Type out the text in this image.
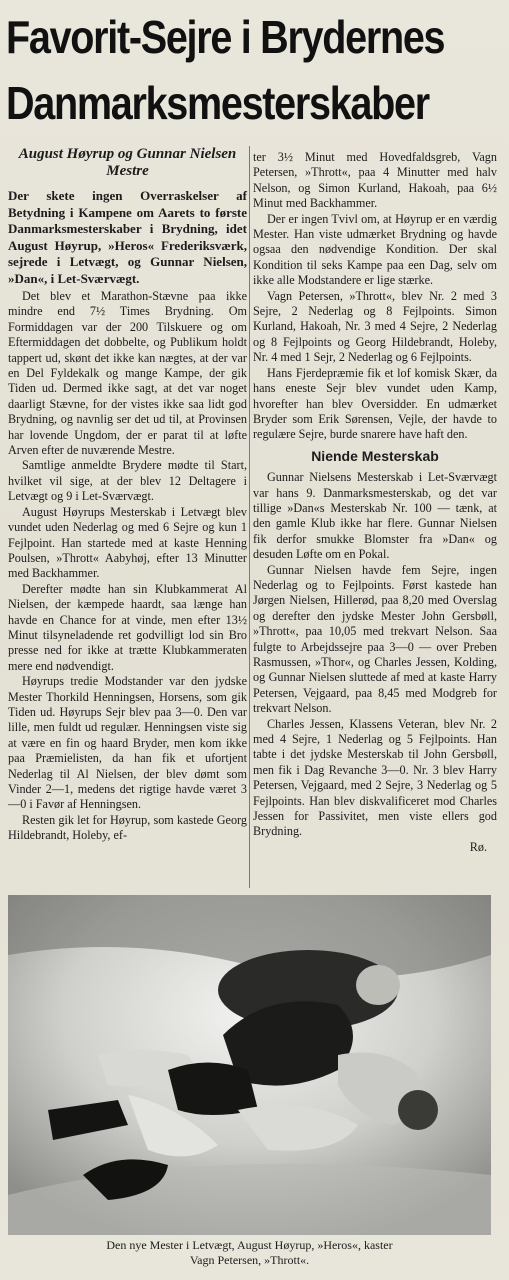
Favorit-Sejre i Brydernes
Danmarksmesterskaber
August Høyrup og Gunnar Nielsen Mestre
Der skete ingen Overraskelser af Betydning i Kampene om Aarets to første Danmarksmesterskaber i Brydning, idet August Høyrup, »Heros« Frederiksværk, sejrede i Letvægt, og Gunnar Nielsen, »Dan«, i Let-Sværvægt.

Det blev et Marathon-Stævne paa ikke mindre end 7½ Times Brydning. Om Formiddagen var der 200 Tilskuere og om Eftermiddagen det dobbelte, og Publikum holdt tappert ud, skønt det ikke kan nægtes, at der var en Del Fyldekalk og mange Kampe, der gik Tiden ud. Dermed ikke sagt, at det var noget daarligt Stævne, for der vistes ikke saa lidt god Brydning, og navnlig ser det ud til, at Provinsen har lovende Ungdom, der er parat til at løfte Arven efter de nuværende Mestre.

Samtlige anmeldte Brydere mødte til Start, hvilket vil sige, at der blev 12 Deltagere i Letvægt og 9 i Let-Sværvægt.

August Høyrups Mesterskab i Letvægt blev vundet uden Nederlag og med 6 Sejre og kun 1 Fejlpoint. Han startede med at kaste Henning Poulsen, »Thrott« Aabyhøj, efter 13 Minutter med Backhammer.

Derefter mødte han sin Klubkammerat Al Nielsen, der kæmpede haardt, saa længe han havde en Chance for at vinde, men efter 13½ Minut tilsyneladende ret godvilligt lod sin Bro presse ned for ikke at trætte Klubkammeraten mere end nødvendigt.

Høyrups tredie Modstander var den jydske Mester Thorkild Henningsen, Horsens, som gik Tiden ud. Høyrups Sejr blev paa 3—0. Den var lille, men fuldt ud regulær. Henningsen viste sig at være en fin og haard Bryder, men kom ikke paa Præmielisten, da han fik et ufortjent Nederlag til Al Nielsen, der blev dømt som Vinder 2—1, medens det rigtige havde været 3—0 i Favør af Henningsen.

Resten gik let for Høyrup, som kastede Georg Hildebrandt, Holeby, ef-

ter 3½ Minut med Hovedfaldsgreb, Vagn Petersen, »Thrott«, paa 4 Minutter med halv Nelson, og Simon Kurland, Hakoah, paa 6½ Minut med Backhammer.

Der er ingen Tvivl om, at Høyrup er en værdig Mester. Han viste udmærket Brydning og havde ogsaa den nødvendige Kondition. Der skal Kondition til seks Kampe paa een Dag, selv om ikke alle Modstandere er lige stærke.

Vagn Petersen, »Thrott«, blev Nr. 2 med 3 Sejre, 2 Nederlag og 8 Fejlpoints. Simon Kurland, Hakoah, Nr. 3 med 4 Sejre, 2 Nederlag og 8 Fejlpoints og Georg Hildebrandt, Holeby, Nr. 4 med 1 Sejr, 2 Nederlag og 6 Fejlpoints.

Hans Fjerdepræmie fik et lof komisk Skær, da hans eneste Sejr blev vundet uden Kamp, hvorefter han blev Oversidder. En udmærket Bryder som Erik Sørensen, Vejle, der havde to regulære Sejre, burde snarere have haft den.

Niende Mesterskab

Gunnar Nielsens Mesterskab i Let-Sværvægt var hans 9. Danmarksmesterskab, og det var tillige »Dan«s Mesterskab Nr. 100 — tænk, at den gamle Klub ikke har flere. Gunnar Nielsen fik derfor smukke Blomster fra »Dan« og desuden Løfte om en Pokal.

Gunnar Nielsen havde fem Sejre, ingen Nederlag og to Fejlpoints. Først kastede han Jørgen Nielsen, Hillerød, paa 8,20 med Overslag og derefter den jydske Mester John Gersbøll, »Thrott«, paa 10,05 med trekvart Nelson. Saa fulgte to Arbejdssejre paa 3—0 — over Preben Rasmussen, »Thor«, og Charles Jessen, Kolding, og Gunnar Nielsen sluttede af med at kaste Harry Petersen, Vejgaard, paa 8,45 med Modgreb for trekvart Nelson.

Charles Jessen, Klassens Veteran, blev Nr. 2 med 4 Sejre, 1 Nederlag og 5 Fejlpoints. Han tabte i det jydske Mesterskab til John Gersbøll, men fik i Dag Revanche 3—0. Nr. 3 blev Harry Petersen, Vejgaard, med 2 Sejre, 3 Nederlag og 5 Fejlpoints. Han blev diskvalificeret mod Charles Jessen for Passivitet, men viste ellers god Brydning.

Rø.
Den nye Mester i Letvægt, August Høyrup, »Heros«, kaster
Vagn Petersen, »Thrott«.
